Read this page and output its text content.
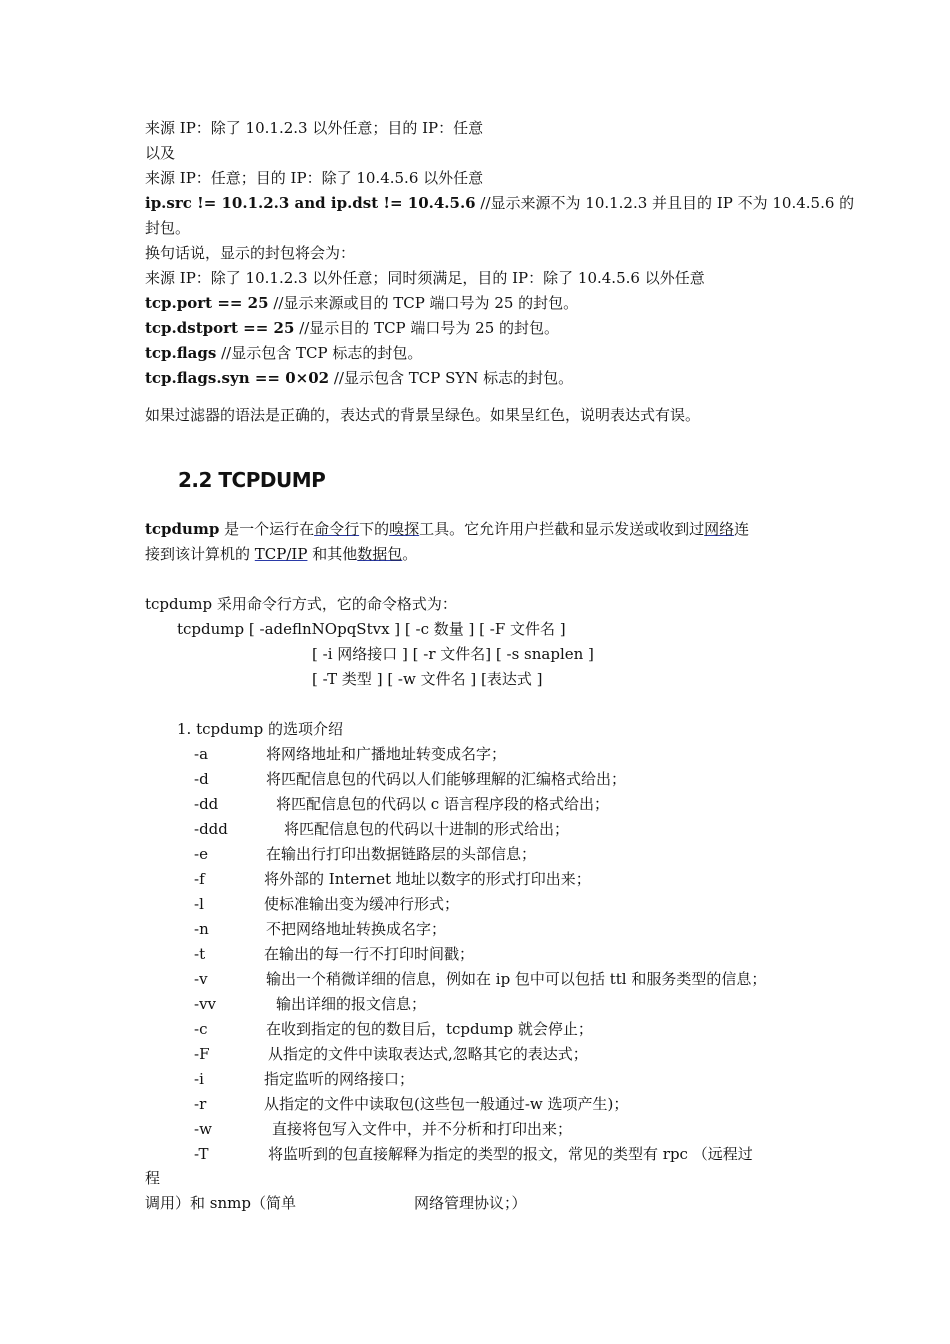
来源 IP：除了 10.1.2.3 以外任意；目的 IP：任意
以及
来源 IP：任意；目的 IP：除了 10.4.5.6 以外任意
ip.src != 10.1.2.3 and ip.dst != 10.4.5.6 //显示来源不为 10.1.2.3 并且目的 IP 不为 10.4.5.6 的
封包。
换句话说，显示的封包将会为：
来源 IP：除了 10.1.2.3 以外任意；同时须满足，目的 IP：除了 10.4.5.6 以外任意
tcp.port == 25 //显示来源或目的 TCP 端口号为 25 的封包。
tcp.dstport == 25 //显示目的 TCP 端口号为 25 的封包。
tcp.flags //显示包含 TCP 标志的封包。
tcp.flags.syn == 0×02 //显示包含 TCP SYN 标志的封包。
如果过滤器的语法是正确的，表达式的背景呈绿色。如果呈红色，说明表达式有误。
2.2 TCPDUMP
tcpdump 是一个运行在命令行下的嗅探工具。它允许用户拦截和显示发送或收到过网络连
接到该计算机的 TCP/IP 和其他数据包。
tcpdump 采用命令行方式，它的命令格式为：
tcpdump [ -adeflnNOpqStvx ] [ -c 数量 ] [ -F 文件名 ]
[ -i 网络接口 ] [ -r 文件名] [ -s snaplen ]
[ -T 类型 ] [ -w 文件名 ] [表达式 ]
1. tcpdump 的选项介绍
-a	将网络地址和广播地址转变成名字；
-d	将匹配信息包的代码以人们能够理解的汇编格式给出；
-dd	将匹配信息包的代码以 c 语言程序段的格式给出；
-ddd	将匹配信息包的代码以十进制的形式给出；
-e	在输出行打印出数据链路层的头部信息；
-f	将外部的 Internet 地址以数字的形式打印出来；
-l	使标准输出变为缓冲行形式；
-n	不把网络地址转换成名字；
-t	在输出的每一行不打印时间戳；
-v	输出一个稍微详细的信息，例如在 ip 包中可以包括 ttl 和服务类型的信息；
-vv	输出详细的报文信息；
-c	在收到指定的包的数目后，tcpdump 就会停止；
-F	从指定的文件中读取表达式,忽略其它的表达式；
-i	指定监听的网络接口；
-r	从指定的文件中读取包(这些包一般通过-w 选项产生)；
-w	直接将包写入文件中，并不分析和打印出来；
-T	将监听到的包直接解释为指定的类型的报文，常见的类型有 rpc （远程过
程
调用）和 snmp（简单	网络管理协议；）
